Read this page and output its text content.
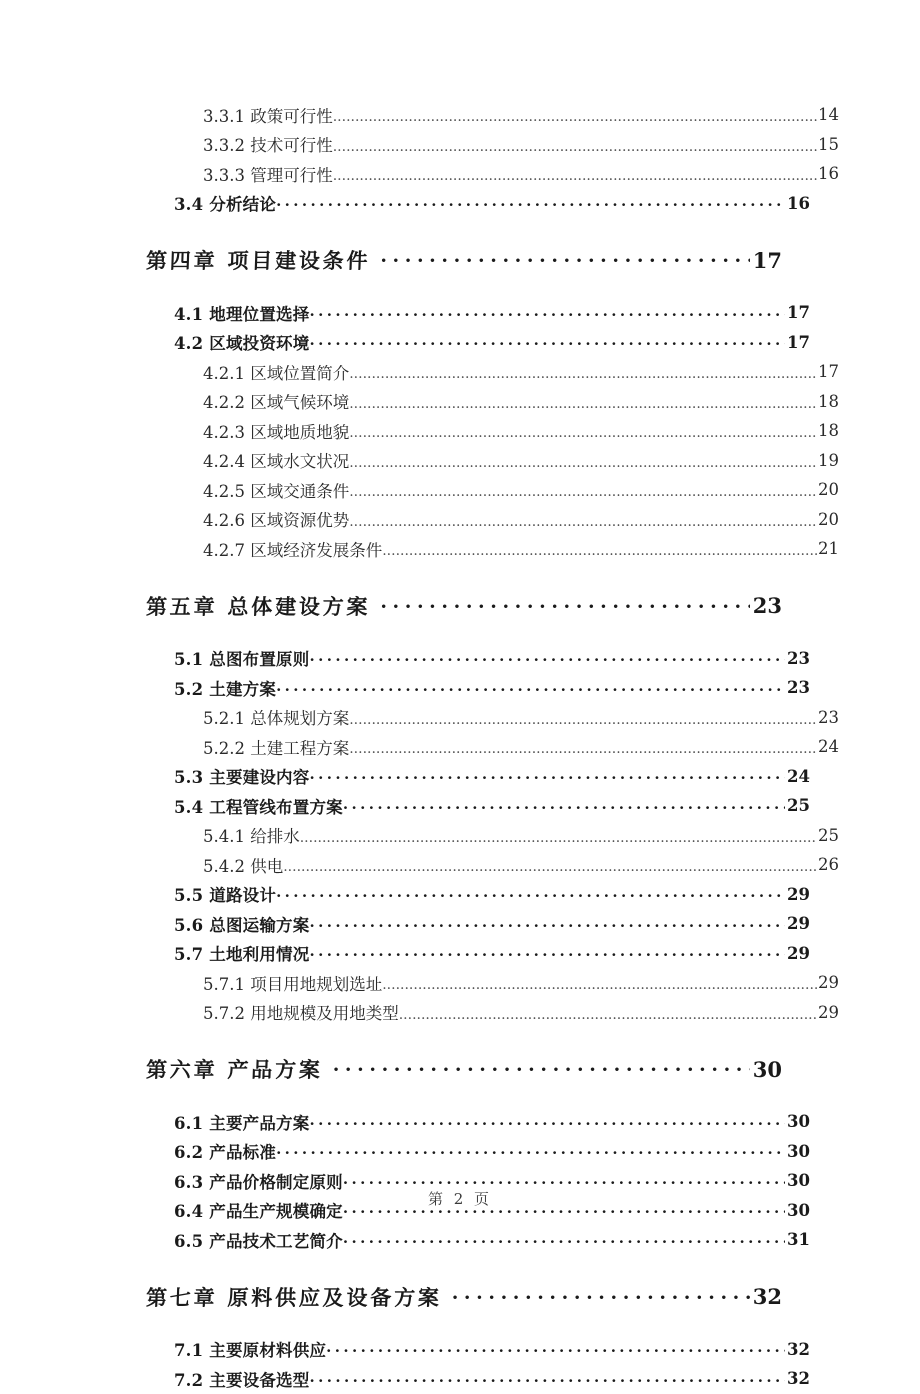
3.3.1 政策可行性 .....	14
3.3.2 技术可行性 .....	15
3.3.3 管理可行性 .....	16
3.4 分析结论 ·····	16
第四章 项目建设条件 ·····	17
4.1 地理位置选择 ·····	17
4.2 区域投资环境 ·····	17
4.2.1 区域位置简介 .....	17
4.2.2 区域气候环境 .....	18
4.2.3 区域地质地貌 .....	18
4.2.4 区域水文状况 .....	19
4.2.5 区域交通条件 .....	20
4.2.6 区域资源优势 .....	20
4.2.7 区域经济发展条件 .....	21
第五章 总体建设方案 ·····	23
5.1 总图布置原则 ·····	23
5.2 土建方案 ·····	23
5.2.1 总体规划方案 .....	23
5.2.2 土建工程方案 .....	24
5.3 主要建设内容 ·····	24
5.4 工程管线布置方案 ·····	25
5.4.1 给排水 .....	25
5.4.2 供电 .....	26
5.5 道路设计 ·····	29
5.6 总图运输方案 ·····	29
5.7 土地利用情况 ·····	29
5.7.1 项目用地规划选址 .....	29
5.7.2 用地规模及用地类型 .....	29
第六章 产品方案 ·····	30
6.1 主要产品方案 ·····	30
6.2 产品标准 ·····	30
6.3 产品价格制定原则 ·····	30
6.4 产品生产规模确定 ·····	30
6.5 产品技术工艺简介 ·····	31
第七章 原料供应及设备方案 ·····	32
7.1 主要原材料供应 ·····	32
7.2 主要设备选型 ·····	32
第 2 页
